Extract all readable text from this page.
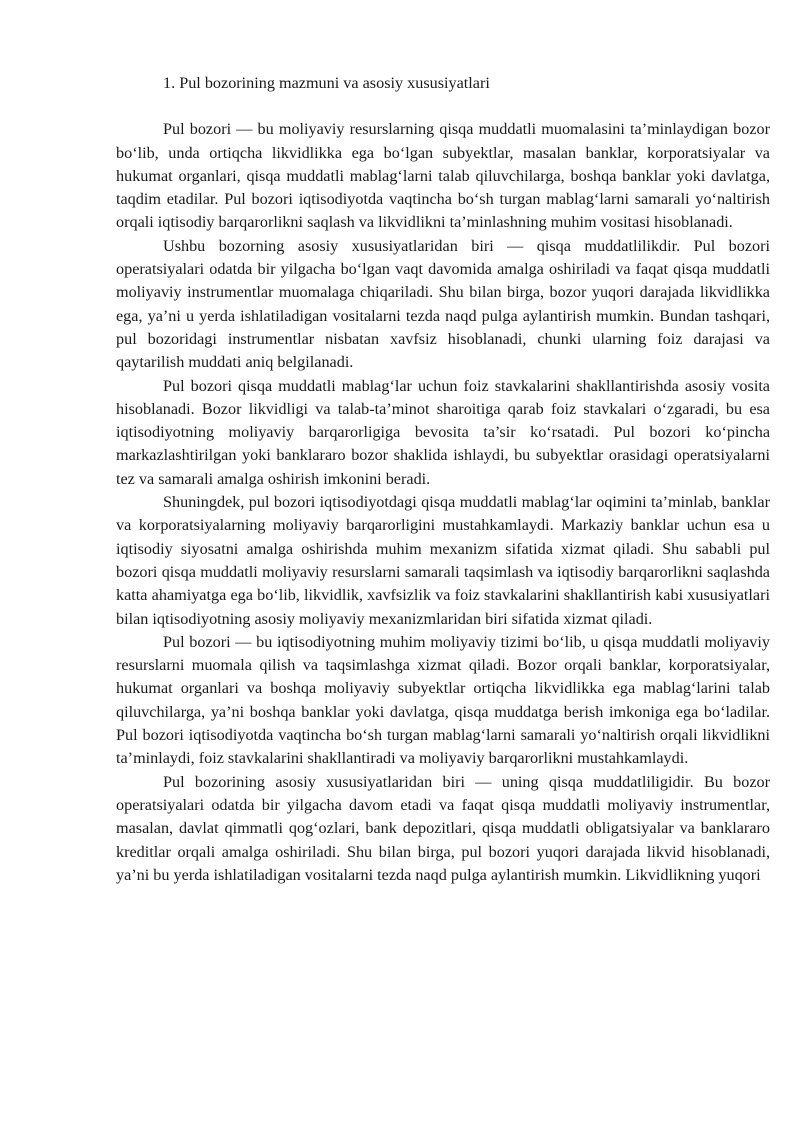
1. Pul bozorining mazmuni va asosiy xususiyatlari

Pul bozori — bu moliyaviy resurslarning qisqa muddatli muomalasini ta’minlaydigan bozor bo‘lib, unda ortiqcha likvidlikka ega bo‘lgan subyektlar, masalan banklar, korporatsiyalar va hukumat organlari, qisqa muddatli mablag‘larni talab qiluvchilarga, boshqa banklar yoki davlatga, taqdim etadilar. Pul bozori iqtisodiyotda vaqtincha bo‘sh turgan mablag‘larni samarali yo‘naltirish orqali iqtisodiy barqarorlikni saqlash va likvidlikni ta’minlashning muhim vositasi hisoblanadi.

Ushbu bozorning asosiy xususiyatlaridan biri — qisqa muddatlilikdir. Pul bozori operatsiyalari odatda bir yilgacha bo‘lgan vaqt davomida amalga oshiriladi va faqat qisqa muddatli moliyaviy instrumentlar muomalaga chiqariladi. Shu bilan birga, bozor yuqori darajada likvidlikka ega, ya’ni u yerda ishlatiladigan vositalarni tezda naqd pulga aylantirish mumkin. Bundan tashqari, pul bozoridagi instrumentlar nisbatan xavfsiz hisoblanadi, chunki ularning foiz darajasi va qaytarilish muddati aniq belgilanadi.

Pul bozori qisqa muddatli mablag‘lar uchun foiz stavkalarini shakllantirishda asosiy vosita hisoblanadi. Bozor likvidligi va talab-ta’minot sharoitiga qarab foiz stavkalari o‘zgaradi, bu esa iqtisodiyotning moliyaviy barqarorligiga bevosita ta’sir ko‘rsatadi. Pul bozori ko‘pincha markazlashtirilgan yoki banklararo bozor shaklida ishlaydi, bu subyektlar orasidagi operatsiyalarni tez va samarali amalga oshirish imkonini beradi.

Shuningdek, pul bozori iqtisodiyotdagi qisqa muddatli mablag‘lar oqimini ta’minlab, banklar va korporatsiyalarning moliyaviy barqarorligini mustahkamlaydi. Markaziy banklar uchun esa u iqtisodiy siyosatni amalga oshirishda muhim mexanizm sifatida xizmat qiladi. Shu sababli pul bozori qisqa muddatli moliyaviy resurslarni samarali taqsimlash va iqtisodiy barqarorlikni saqlashda katta ahamiyatga ega bo‘lib, likvidlik, xavfsizlik va foiz stavkalarini shakllantirish kabi xususiyatlari bilan iqtisodiyotning asosiy moliyaviy mexanizmlaridan biri sifatida xizmat qiladi.

Pul bozori — bu iqtisodiyotning muhim moliyaviy tizimi bo‘lib, u qisqa muddatli moliyaviy resurslarni muomala qilish va taqsimlashga xizmat qiladi. Bozor orqali banklar, korporatsiyalar, hukumat organlari va boshqa moliyaviy subyektlar ortiqcha likvidlikka ega mablag‘larini talab qiluvchilarga, ya’ni boshqa banklar yoki davlatga, qisqa muddatga berish imkoniga ega bo‘ladilar. Pul bozori iqtisodiyotda vaqtincha bo‘sh turgan mablag‘larni samarali yo‘naltirish orqali likvidlikni ta’minlaydi, foiz stavkalarini shakllantiradi va moliyaviy barqarorlikni mustahkamlaydi.

Pul bozorining asosiy xususiyatlaridan biri — uning qisqa muddatliligidir. Bu bozor operatsiyalari odatda bir yilgacha davom etadi va faqat qisqa muddatli moliyaviy instrumentlar, masalan, davlat qimmatli qog‘ozlari, bank depozitlari, qisqa muddatli obligatsiyalar va banklararo kreditlar orqali amalga oshiriladi. Shu bilan birga, pul bozori yuqori darajada likvid hisoblanadi, ya’ni bu yerda ishlatiladigan vositalarni tezda naqd pulga aylantirish mumkin. Likvidlikning yuqori
